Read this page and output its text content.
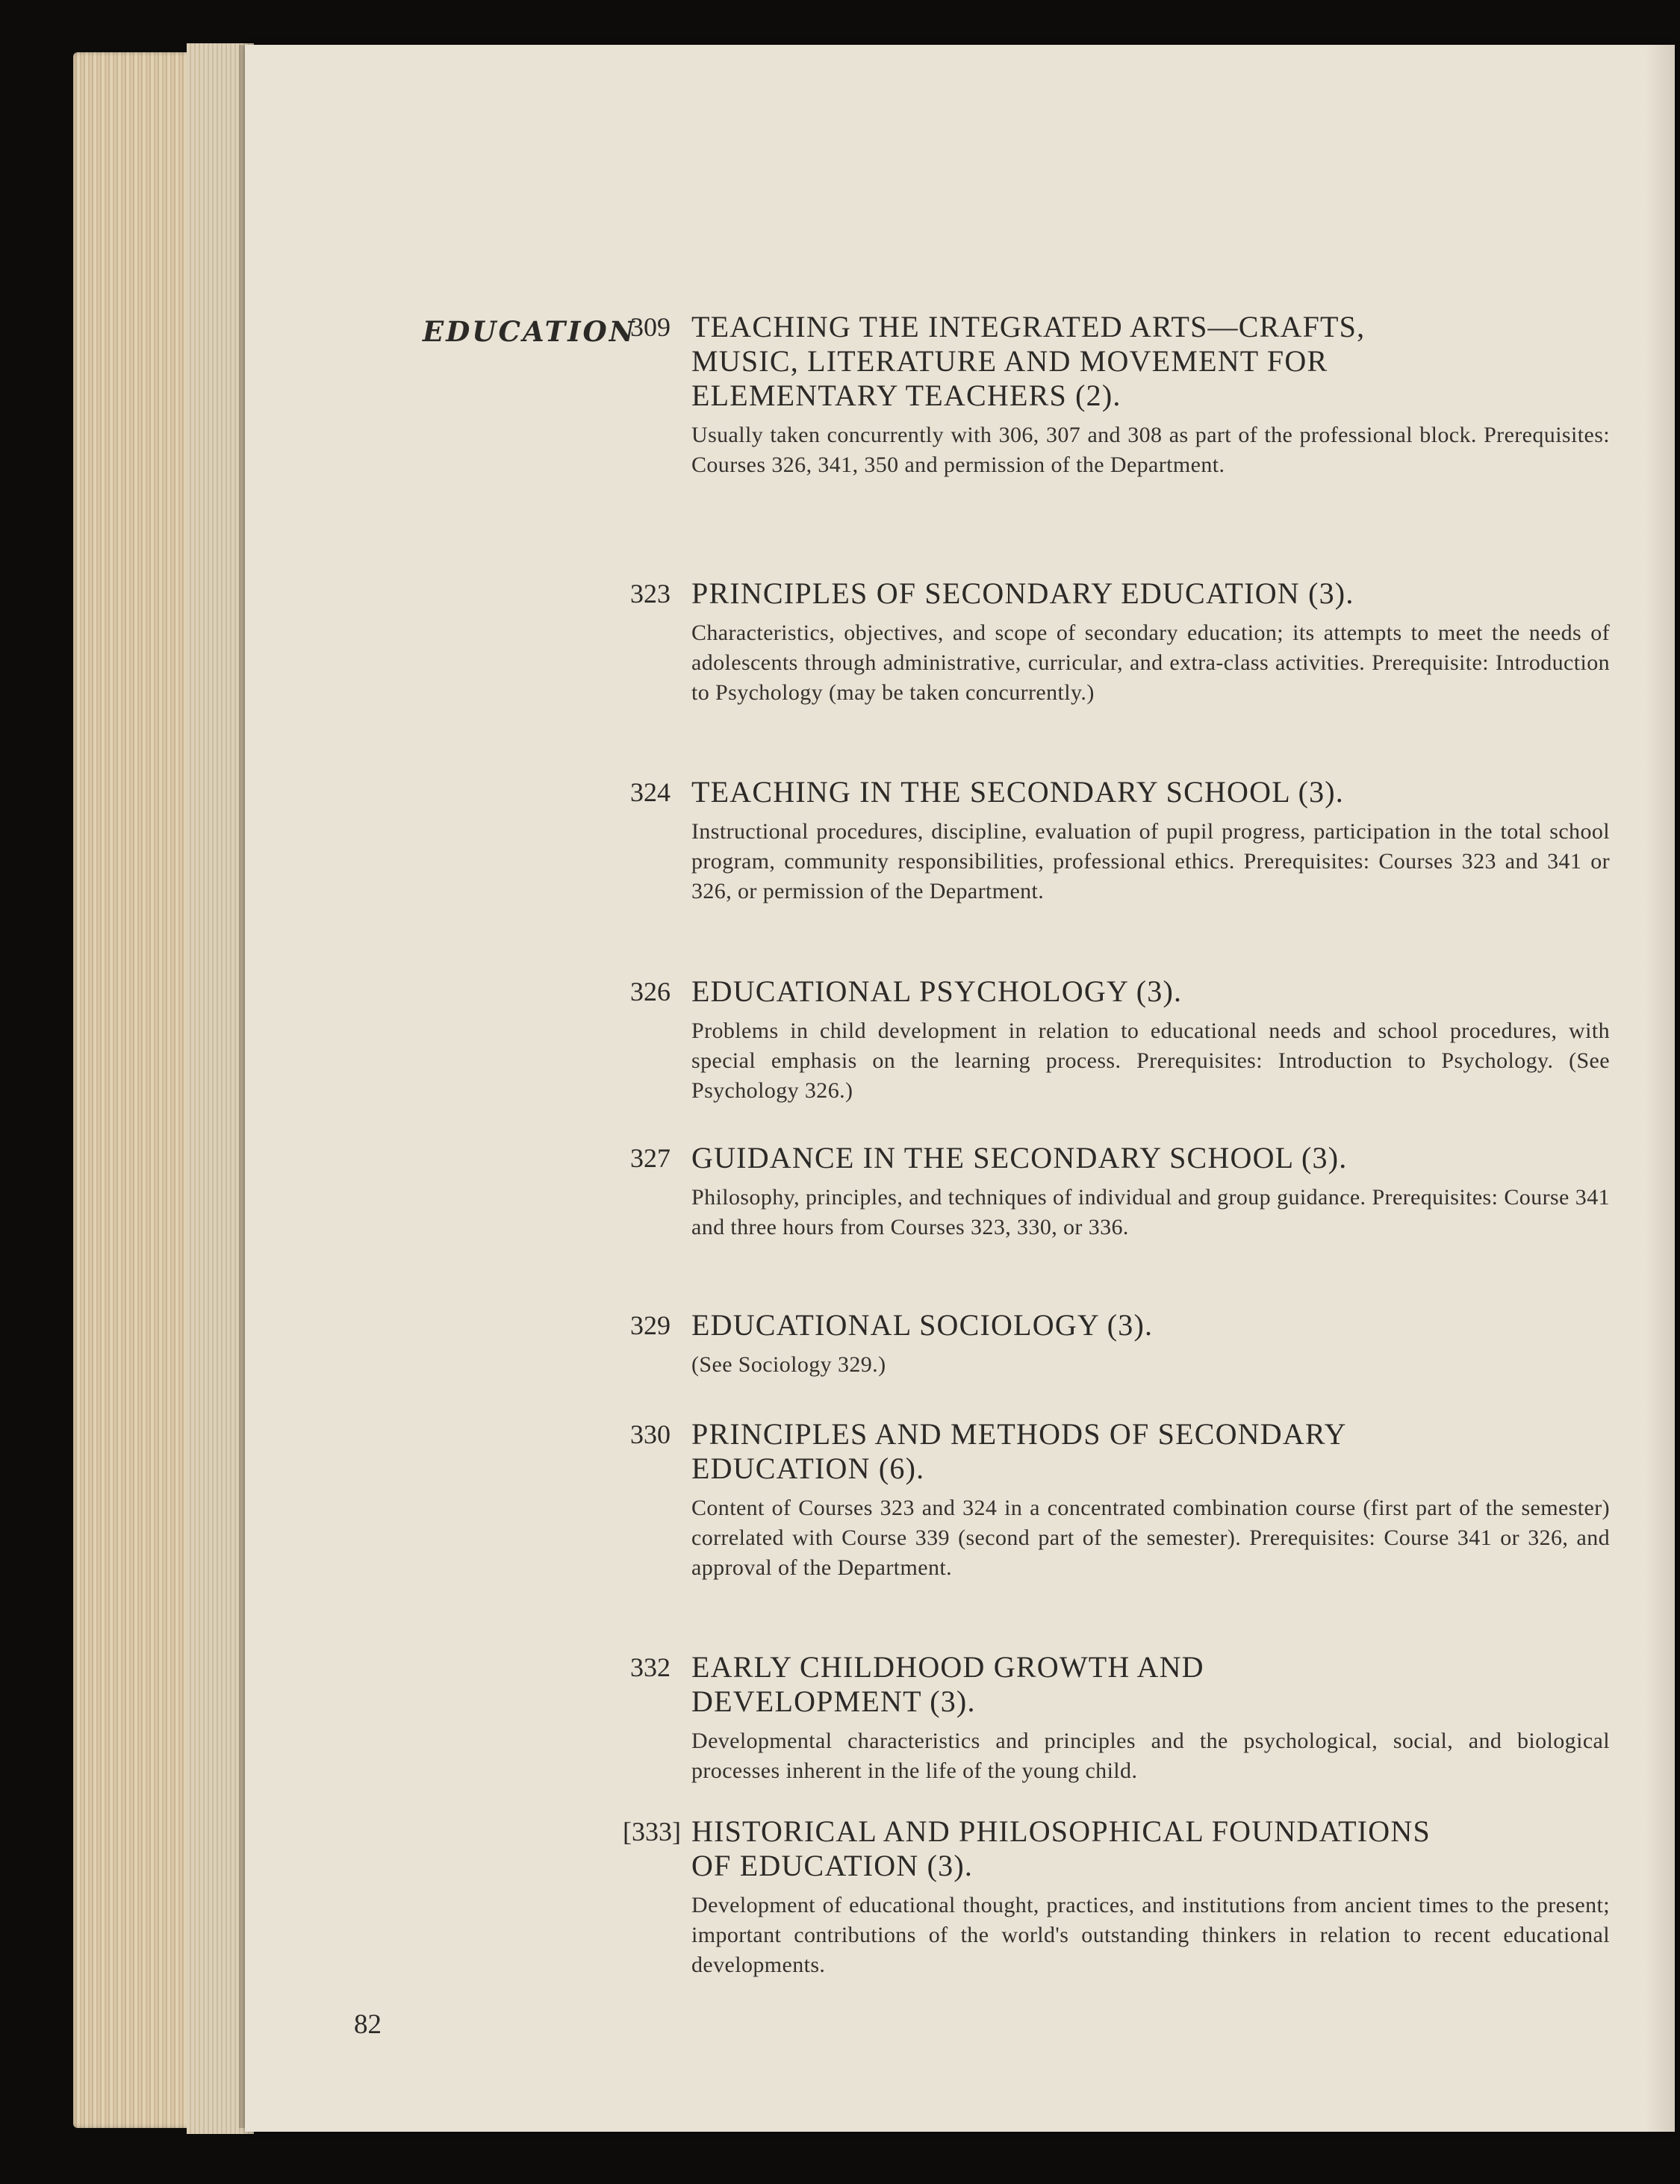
EDUCATION
309 TEACHING THE INTEGRATED ARTS—CRAFTS,
MUSIC, LITERATURE AND MOVEMENT FOR
ELEMENTARY TEACHERS (2).

Usually taken concurrently with 306, 307 and 308 as part of the professional block. Prerequisites: Courses 326, 341, 350 and permission of the Department.

323 PRINCIPLES OF SECONDARY EDUCATION (3).

Characteristics, objectives, and scope of secondary education; its attempts to meet the needs of adolescents through administrative, curricular, and extra-class activities. Prerequisite: Introduction to Psychology (may be taken concurrently.)

324 TEACHING IN THE SECONDARY SCHOOL (3).

Instructional procedures, discipline, evaluation of pupil progress, participation in the total school program, community responsibilities, professional ethics. Prerequisites: Courses 323 and 341 or 326, or permission of the Department.

326 EDUCATIONAL PSYCHOLOGY (3).

Problems in child development in relation to educational needs and school procedures, with special emphasis on the learning process. Prerequisites: Introduction to Psychology. (See Psychology 326.)

327 GUIDANCE IN THE SECONDARY SCHOOL (3).

Philosophy, principles, and techniques of individual and group guidance. Prerequisites: Course 341 and three hours from Courses 323, 330, or 336.

329 EDUCATIONAL SOCIOLOGY (3).

(See Sociology 329.)

330 PRINCIPLES AND METHODS OF SECONDARY
EDUCATION (6).

Content of Courses 323 and 324 in a concentrated combination course (first part of the semester) correlated with Course 339 (second part of the semester). Prerequisites: Course 341 or 326, and approval of the Department.

332 EARLY CHILDHOOD GROWTH AND
DEVELOPMENT (3).

Developmental characteristics and principles and the psychological, social, and biological processes inherent in the life of the young child.

[333] HISTORICAL AND PHILOSOPHICAL FOUNDATIONS
OF EDUCATION (3).

Development of educational thought, practices, and institutions from ancient times to the present; important contributions of the world's outstanding thinkers in relation to recent educational developments.

82
